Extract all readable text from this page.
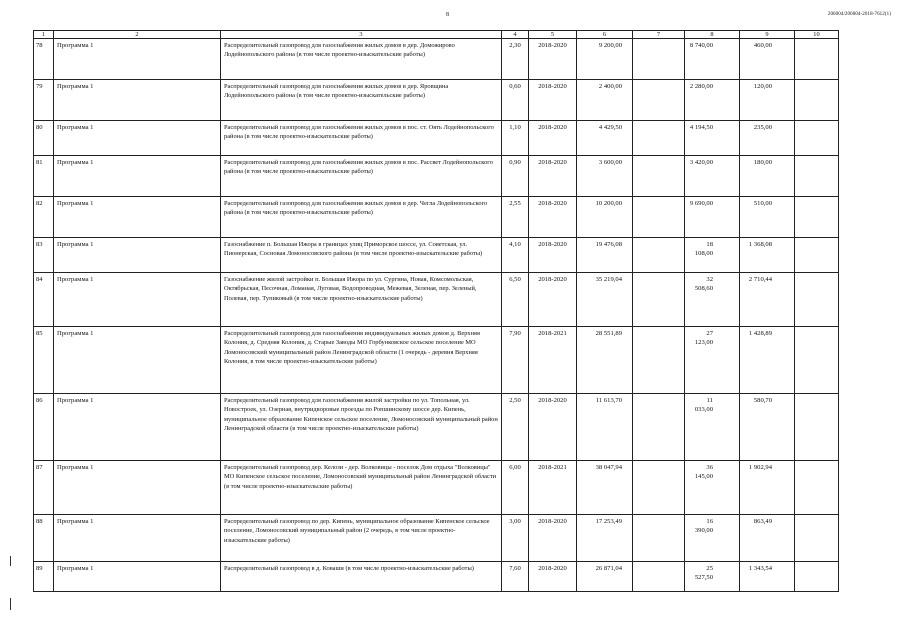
8	206004/206004-2018-7612(1)
1	2	3	4	5	6	7	8	9	10
78	Программа 1	Распределительный газопровод для газоснабжения жилых домов в дер. Доможирово Лодейнопольского района (в том числе проектно-изыскательские работы)	2,30	2018-2020	9 200,00		8 740,00	460,00	
79	Программа 1	Распределительный газопровод для газоснабжения жилых домов в дер. Яровщина Лодейнопольского района (в том числе проектно-изыскательские работы)	0,60	2018-2020	2 400,00		2 280,00	120,00	
80	Программа 1	Распределительный газопровод для газоснабжения жилых домов в пос. ст. Оять Лодейнопольского района (в том числе проектно-изыскательские работы)	1,10	2018-2020	4 429,50		4 194,50	235,00	
81	Программа 1	Распределительный газопровод для газоснабжения жилых домов в пос. Рассвет Лодейнопольского района (в том числе проектно-изыскательские работы)	0,90	2018-2020	3 600,00		3 420,00	180,00	
82	Программа 1	Распределительный газопровод для газоснабжения жилых домов в дер. Чегла Лодейнопольского района (в том числе проектно-изыскательские работы)	2,55	2018-2020	10 200,00		9 690,00	510,00	
83	Программа 1	Газоснабжение п. Большая Ижора в границах улиц Приморское шоссе, ул. Советская, ул. Пионерская, Сосновая Ломоносовского района (в том числе проектно-изыскательские работы)	4,10	2018-2020	19 476,08		18 108,00	1 368,08	
84	Программа 1	Газоснабжение жилой застройки п. Большая Ижора по ул. Сургина, Новая, Комсомольская, Октябрьская, Песочная, Ломаная, Луговая, Водопроводная, Межевая, Зеленая, пер. Зеленый, Полевая, пер. Тупиковый (в том числе проектно-изыскательские работы)	6,50	2018-2020	35 219,04		32 508,60	2 710,44	
85	Программа 1	Распределительный газопровод для газоснабжения индивидуальных жилых домов д. Верхняя Колония, д. Средняя Колония, д. Старые Заводы МО Горбунковское сельское поселение МО Ломоносовский муниципальный район Ленинградской области (1 очередь - деревня Верхняя Колония, в том числе проектно-изыскательские работы)	7,90	2018-2021	28 551,89		27 123,00	1 428,89	
86	Программа 1	Распределительный газопровод для газоснабжения жилой застройки по ул. Топольная, ул. Новостроек, ул. Озерная, внутридворовые проезды по Ропшинскому шоссе дер. Кипень, муниципальное образование Кипенское сельское поселение, Ломоносовский муниципальный район Ленинградской области (в том числе проектно-изыскательские работы)	2,50	2018-2020	11 613,70		11 033,00	580,70	
87	Программа 1	Распределительный газопровод дер. Келози - дер. Волковицы - поселок Дом отдыха "Волковицы" МО Кипенское сельское поселение, Ломоносовский муниципальный район Ленинградской области (в том числе проектно-изыскательские работы)	6,00	2018-2021	38 047,94		36 145,00	1 902,94	
88	Программа 1	Распределительный газопровод по дер. Кипень, муниципальное образование Кипенское сельское поселение, Ломоносовский муниципальный район (2 очередь, в том числе проектно-изыскательские работы)	3,00	2018-2020	17 253,49		16 390,00	863,49	
89	Программа 1	Распределительный газопровод в д. Коваши (в том числе проектно-изыскательские работы)	7,60	2018-2020	26 871,04		25 527,50	1 343,54	
